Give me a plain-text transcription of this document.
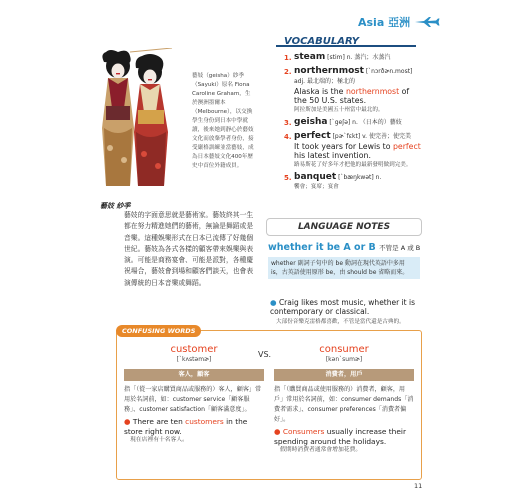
Asia 亞洲
藝妓（geisha）紗季（Sayuki）原名 Fiona Caroline Graham，生於澳洲墨爾本（Melbourne），以交換學生身份到日本中學就讀，後來她到靜心於藝妓文化而放棄學者身份，接受嚴格訓練並當藝妓，成為日本藝妓文化400年歷史中首位外籍成員。
藝妓 紗季
藝妓的字面意思就是藝術家。藝妓終其一生都在努力精進她們的藝術，無論是舞蹈或是音樂。這種娛樂形式在日本已流傳了好幾個世紀。藝妓為各式各樣的顧客帶來娛樂與表演。可能是商務宴會、可能是派對，各種慶祝場合，藝妓會到場和顧客們談天，也會表演傳統的日本音樂或舞蹈。
VOCABULARY
1. steam [stim] n. 蒸汽；水蒸汽
2. northernmost [ˋnɔrðɚn.most] adj. 最北端的；極北的
Alaska is the northernmost of the 50 U.S. states.
阿拉斯加是美國五十州當中最北的。
3. geisha [ˋgeʃə] n. （日本的）藝妓
4. perfect [pɚˋfɛkt] v. 使完善；使完美
It took years for Lewis to perfect his latest invention.
路易斯花了好多年才把他的最新發明做到完美。
5. banquet [ˋbæŋkwət] n.
饗會；宴席；宴會
LANGUAGE NOTES
whether it be A or B 不管是 A 或 B
whether 副詞子句中的 be 動詞在現代英語中多用 is，古英語使用原形 be，由 should be 省略而來。
● Craig likes most music, whether it is contemporary or classical.
大部份音樂克雷格都喜歡，不管是當代還是古典的。
CONFUSING WORDS
VS.
customer
[ˋkʌstəmɚ]
客人，顧客
指「（從一家店購買商品或服務的）客人，顧客」常用於名詞前，如：customer service「顧客服務」、customer satisfaction「顧客滿意度」。
● There are ten customers in the store right now.
現在店裡有十名客人。
consumer
[kənˋsumɚ]
消費者，用戶
指「（購買商品或使用服務的）消費者，顧客，用戶」常用於名詞前，如：consumer demands「消費者需求」、consumer preferences「消費者偏好」。
● Consumers usually increase their spending around the holidays.
假期時消費者通常會增加花費。
11
